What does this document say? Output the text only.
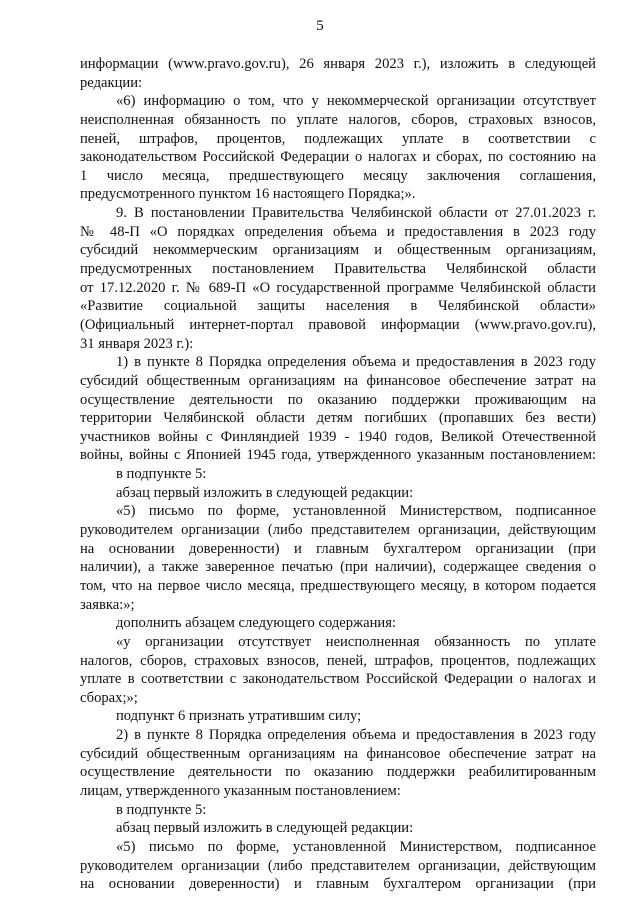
5
информации (www.pravo.gov.ru), 26 января 2023 г.), изложить в следующей
редакции:
«6) информацию о том, что у некоммерческой организации отсутствует
неисполненная обязанность по уплате налогов, сборов, страховых взносов,
пеней, штрафов, процентов, подлежащих уплате в соответствии с
законодательством Российской Федерации о налогах и сборах, по состоянию на
1 число месяца, предшествующего месяцу заключения соглашения,
предусмотренного пунктом 16 настоящего Порядка;».
9. В постановлении Правительства Челябинской области от 27.01.2023 г.
№ 48-П «О порядках определения объема и предоставления в 2023 году
субсидий некоммерческим организациям и общественным организациям,
предусмотренных постановлением Правительства Челябинской области
от 17.12.2020 г. № 689-П «О государственной программе Челябинской области
«Развитие социальной защиты населения в Челябинской области»
(Официальный интернет-портал правовой информации (www.pravo.gov.ru),
31 января 2023 г.):
1) в пункте 8 Порядка определения объема и предоставления в 2023 году
субсидий общественным организациям на финансовое обеспечение затрат на
осуществление деятельности по оказанию поддержки проживающим на
территории Челябинской области детям погибших (пропавших без вести)
участников войны с Финляндией 1939 - 1940 годов, Великой Отечественной
войны, войны с Японией 1945 года, утвержденного указанным постановлением:
в подпункте 5:
абзац первый изложить в следующей редакции:
«5) письмо по форме, установленной Министерством, подписанное
руководителем организации (либо представителем организации, действующим
на основании доверенности) и главным бухгалтером организации (при
наличии), а также заверенное печатью (при наличии), содержащее сведения о
том, что на первое число месяца, предшествующего месяцу, в котором подается
заявка:»;
дополнить абзацем следующего содержания:
«у организации отсутствует неисполненная обязанность по уплате
налогов, сборов, страховых взносов, пеней, штрафов, процентов, подлежащих
уплате в соответствии с законодательством Российской Федерации о налогах и
сборах;»;
подпункт 6 признать утратившим силу;
2) в пункте 8 Порядка определения объема и предоставления в 2023 году
субсидий общественным организациям на финансовое обеспечение затрат на
осуществление деятельности по оказанию поддержки реабилитированным
лицам, утвержденного указанным постановлением:
в подпункте 5:
абзац первый изложить в следующей редакции:
«5) письмо по форме, установленной Министерством, подписанное
руководителем организации (либо представителем организации, действующим
на основании доверенности) и главным бухгалтером организации (при
